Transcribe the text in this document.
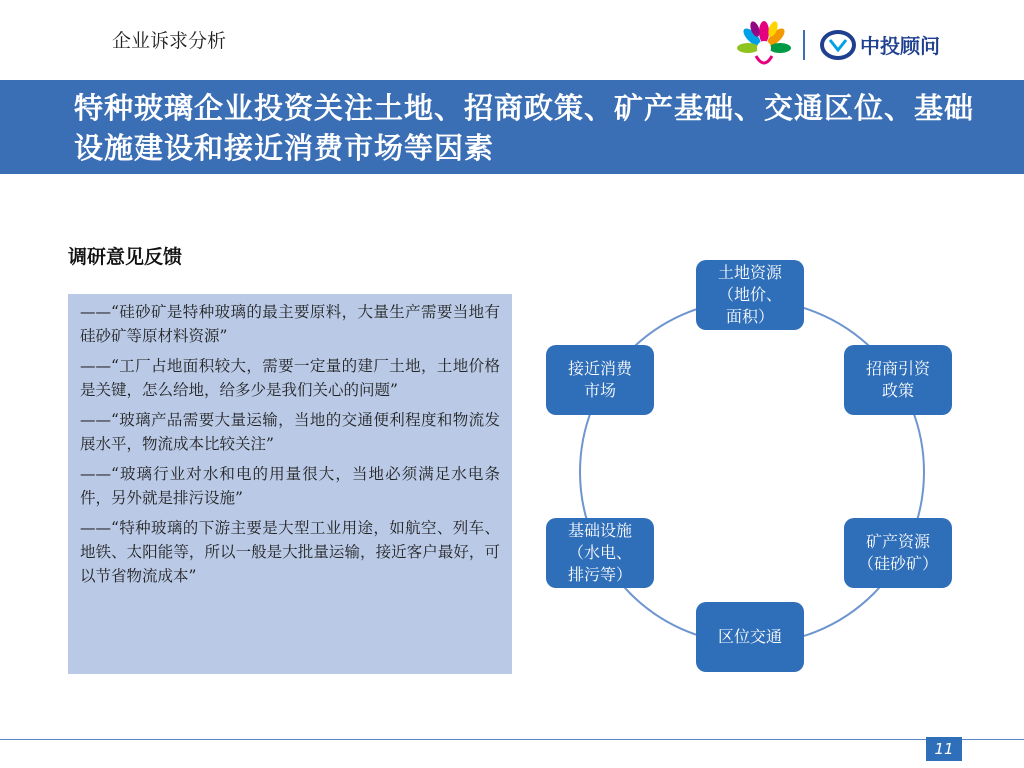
企业诉求分析	中投顾问
特种玻璃企业投资关注土地、招商政策、矿产基础、交通区位、基础设施建设和接近消费市场等因素
调研意见反馈
——“硅砂矿是特种玻璃的最主要原料，大量生产需要当地有硅砂矿等原材料资源”
——“工厂占地面积较大，需要一定量的建厂土地，土地价格是关键，怎么给地，给多少是我们关心的问题”
——“玻璃产品需要大量运输，当地的交通便利程度和物流发展水平，物流成本比较关注”
——“玻璃行业对水和电的用量很大，当地必须满足水电条件，另外就是排污设施”
——“特种玻璃的下游主要是大型工业用途，如航空、列车、地铁、太阳能等，所以一般是大批量运输，接近客户最好，可以节省物流成本”
土地资源
（地价、
面积）
招商引资
政策
矿产资源
（硅砂矿）
区位交通
基础设施
（水电、
排污等）
接近消费
市场
11
